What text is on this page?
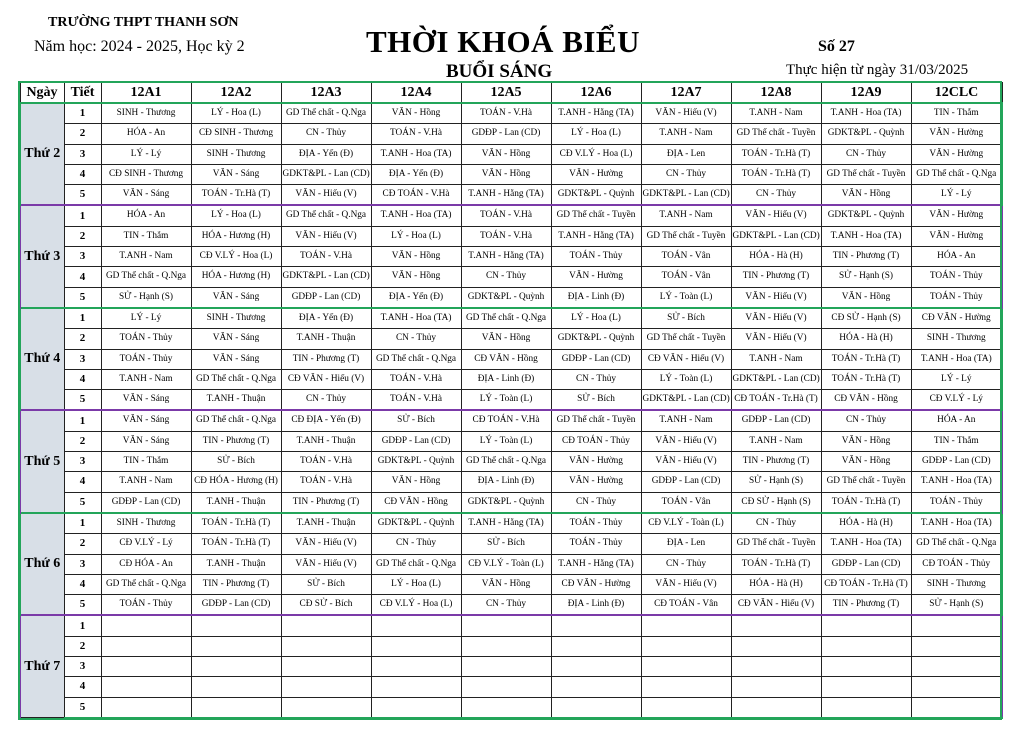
TRƯỜNG THPT THANH SƠN
Năm học: 2024 - 2025, Học kỳ 2	THỜI KHOÁ BIỂU
BUỔI SÁNG
Số 27
Thực hiện từ ngày 31/03/2025
Ngày	Tiết	12A1	12A2	12A3	12A4	12A5	12A6	12A7	12A8	12A9	12CLC
Thứ 2	1	SINH - Thương	LÝ - Hoa (L)	GD Thể chất - Q.Nga	VĂN - Hồng	TOÁN - V.Hà	T.ANH - Hằng (TA)	VĂN - Hiếu (V)	T.ANH - Nam	T.ANH - Hoa (TA)	TIN - Thắm
	2	HÓA - An	CĐ SINH - Thương	CN - Thủy	TOÁN - V.Hà	GDĐP - Lan (CD)	LÝ - Hoa (L)	T.ANH - Nam	GD Thể chất - Tuyền	GDKT&PL - Quỳnh	VĂN - Hường
	3	LÝ - Lý	SINH - Thương	ĐỊA - Yến (Đ)	T.ANH - Hoa (TA)	VĂN - Hồng	CĐ V.LÝ - Hoa (L)	ĐỊA - Len	TOÁN - Tr.Hà (T)	CN - Thủy	VĂN - Hường
	4	CĐ SINH - Thương	VĂN - Sáng	GDKT&PL - Lan (CD)	ĐỊA - Yến (Đ)	VĂN - Hồng	VĂN - Hường	CN - Thủy	TOÁN - Tr.Hà (T)	GD Thể chất - Tuyền	GD Thể chất - Q.Nga
	5	VĂN - Sáng	TOÁN - Tr.Hà (T)	VĂN - Hiếu (V)	CĐ TOÁN - V.Hà	T.ANH - Hằng (TA)	GDKT&PL - Quỳnh	GDKT&PL - Lan (CD)	CN - Thủy	VĂN - Hồng	LÝ - Lý
Thứ 3	1	HÓA - An	LÝ - Hoa (L)	GD Thể chất - Q.Nga	T.ANH - Hoa (TA)	TOÁN - V.Hà	GD Thể chất - Tuyền	T.ANH - Nam	VĂN - Hiếu (V)	GDKT&PL - Quỳnh	VĂN - Hường
	2	TIN - Thắm	HÓA - Hương (H)	VĂN - Hiếu (V)	LÝ - Hoa (L)	TOÁN - V.Hà	T.ANH - Hằng (TA)	GD Thể chất - Tuyền	GDKT&PL - Lan (CD)	T.ANH - Hoa (TA)	VĂN - Hường
	3	T.ANH - Nam	CĐ V.LÝ - Hoa (L)	TOÁN - V.Hà	VĂN - Hồng	T.ANH - Hằng (TA)	TOÁN - Thủy	TOÁN - Vân	HÓA - Hà (H)	TIN - Phương (T)	HÓA - An
	4	GD Thể chất - Q.Nga	HÓA - Hương (H)	GDKT&PL - Lan (CD)	VĂN - Hồng	CN - Thủy	VĂN - Hường	TOÁN - Vân	TIN - Phương (T)	SỬ - Hạnh (S)	TOÁN - Thủy
	5	SỬ - Hạnh (S)	VĂN - Sáng	GDĐP - Lan (CD)	ĐỊA - Yến (Đ)	GDKT&PL - Quỳnh	ĐỊA - Linh (Đ)	LÝ - Toàn (L)	VĂN - Hiếu (V)	VĂN - Hồng	TOÁN - Thủy
Thứ 4	1	LÝ - Lý	SINH - Thương	ĐỊA - Yến (Đ)	T.ANH - Hoa (TA)	GD Thể chất - Q.Nga	LÝ - Hoa (L)	SỬ - Bích	VĂN - Hiếu (V)	CĐ SỬ - Hạnh (S)	CĐ VĂN - Hường
	2	TOÁN - Thủy	VĂN - Sáng	T.ANH - Thuận	CN - Thủy	VĂN - Hồng	GDKT&PL - Quỳnh	GD Thể chất - Tuyền	VĂN - Hiếu (V)	HÓA - Hà (H)	SINH - Thương
	3	TOÁN - Thủy	VĂN - Sáng	TIN - Phương (T)	GD Thể chất - Q.Nga	CĐ VĂN - Hồng	GDĐP - Lan (CD)	CĐ VĂN - Hiếu (V)	T.ANH - Nam	TOÁN - Tr.Hà (T)	T.ANH - Hoa (TA)
	4	T.ANH - Nam	GD Thể chất - Q.Nga	CĐ VĂN - Hiếu (V)	TOÁN - V.Hà	ĐỊA - Linh (Đ)	CN - Thủy	LÝ - Toàn (L)	GDKT&PL - Lan (CD)	TOÁN - Tr.Hà (T)	LÝ - Lý
	5	VĂN - Sáng	T.ANH - Thuận	CN - Thủy	TOÁN - V.Hà	LÝ - Toàn (L)	SỬ - Bích	GDKT&PL - Lan (CD)	CĐ TOÁN - Tr.Hà (T)	CĐ VĂN - Hồng	CĐ V.LÝ - Lý
Thứ 5	1	VĂN - Sáng	GD Thể chất - Q.Nga	CĐ ĐỊA - Yến (Đ)	SỬ - Bích	CĐ TOÁN - V.Hà	GD Thể chất - Tuyền	T.ANH - Nam	GDĐP - Lan (CD)	CN - Thủy	HÓA - An
	2	VĂN - Sáng	TIN - Phương (T)	T.ANH - Thuận	GDĐP - Lan (CD)	LÝ - Toàn (L)	CĐ TOÁN - Thủy	VĂN - Hiếu (V)	T.ANH - Nam	VĂN - Hồng	TIN - Thắm
	3	TIN - Thắm	SỬ - Bích	TOÁN - V.Hà	GDKT&PL - Quỳnh	GD Thể chất - Q.Nga	VĂN - Hường	VĂN - Hiếu (V)	TIN - Phương (T)	VĂN - Hồng	GDĐP - Lan (CD)
	4	T.ANH - Nam	CĐ HÓA - Hương (H)	TOÁN - V.Hà	VĂN - Hồng	ĐỊA - Linh (Đ)	VĂN - Hường	GDĐP - Lan (CD)	SỬ - Hạnh (S)	GD Thể chất - Tuyền	T.ANH - Hoa (TA)
	5	GDĐP - Lan (CD)	T.ANH - Thuận	TIN - Phương (T)	CĐ VĂN - Hồng	GDKT&PL - Quỳnh	CN - Thủy	TOÁN - Vân	CĐ SỬ - Hạnh (S)	TOÁN - Tr.Hà (T)	TOÁN - Thủy
Thứ 6	1	SINH - Thương	TOÁN - Tr.Hà (T)	T.ANH - Thuận	GDKT&PL - Quỳnh	T.ANH - Hằng (TA)	TOÁN - Thủy	CĐ V.LÝ - Toàn (L)	CN - Thủy	HÓA - Hà (H)	T.ANH - Hoa (TA)
	2	CĐ V.LÝ - Lý	TOÁN - Tr.Hà (T)	VĂN - Hiếu (V)	CN - Thủy	SỬ - Bích	TOÁN - Thủy	ĐỊA - Len	GD Thể chất - Tuyền	T.ANH - Hoa (TA)	GD Thể chất - Q.Nga
	3	CĐ HÓA - An	T.ANH - Thuận	VĂN - Hiếu (V)	GD Thể chất - Q.Nga	CĐ V.LÝ - Toàn (L)	T.ANH - Hằng (TA)	CN - Thủy	TOÁN - Tr.Hà (T)	GDĐP - Lan (CD)	CĐ TOÁN - Thủy
	4	GD Thể chất - Q.Nga	TIN - Phương (T)	SỬ - Bích	LÝ - Hoa (L)	VĂN - Hồng	CĐ VĂN - Hường	VĂN - Hiếu (V)	HÓA - Hà (H)	CĐ TOÁN - Tr.Hà (T)	SINH - Thương
	5	TOÁN - Thủy	GDĐP - Lan (CD)	CĐ SỬ - Bích	CĐ V.LÝ - Hoa (L)	CN - Thủy	ĐỊA - Linh (Đ)	CĐ TOÁN - Vân	CĐ VĂN - Hiếu (V)	TIN - Phương (T)	SỬ - Hạnh (S)
Thứ 7	1										
	2										
	3										
	4										
	5										
